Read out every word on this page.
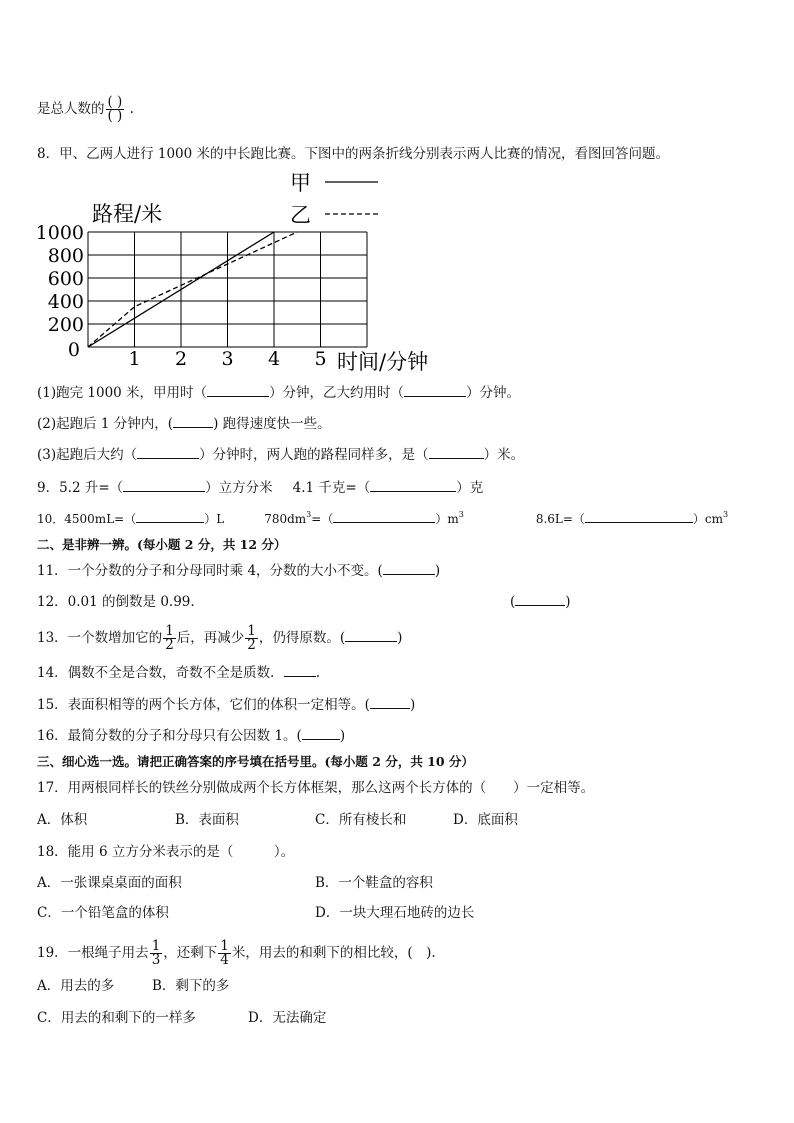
是总人数的 $\frac{( )}{( )}$ .
8．甲、乙两人进行 1000 米的中长跑比赛。下图中的两条折线分别表示两人比赛的情况，看图回答问题。
1 2 3 4 5
200
400
600
800
1000
0
甲
乙
路程/米
时间/分钟
(1)跑完 1000 米，甲用时（	）分钟，乙大约用时（	）分钟。
(2)起跑后 1 分钟内，(	) 跑得速度快一些。
(3)起跑后大约（	）分钟时，两人跑的路程同样多，是（	）米。
9．5.2 升=（	）立方分米 4.1 千克=（	）克
10．4500mL=（	）L	$780dm^3=$（	）$m^3$	8.6L=（	）$cm^3$
二、是非辨一辨。(每小题 2 分，共 12 分）
11．一个分数的分子和分母同时乘 4，分数的大小不变。(	)
12．0.01 的倒数是 0.99.	(	)
13．一个数增加它的 $\frac{1}{2}$ 后，再减少 $\frac{1}{2}$ ，仍得原数。(	)
14．偶数不全是合数，奇数不全是质数． .
15．表面积相等的两个长方体，它们的体积一定相等。(	)
16．最简分数的分子和分母只有公因数 1。(	)
三、细心选一选。请把正确答案的序号填在括号里。(每小题 2 分，共 10 分）
17．用两根同样长的铁丝分别做成两个长方体框架，那么这两个长方体的（　　）一定相等。
A．体积	B．表面积	C．所有棱长和	D．底面积
18．能用 6 立方分米表示的是（　　　）。
A．一张课桌桌面的面积	B．一个鞋盒的容积
C．一个铅笔盒的体积	D．一块大理石地砖的边长
19．一根绳子用去 $\frac{1}{3}$ ，还剩下 $\frac{1}{4}$ 米，用去的和剩下的相比较，(　).
A．用去的多	B．剩下的多
C．用去的和剩下的一样多	D．无法确定
